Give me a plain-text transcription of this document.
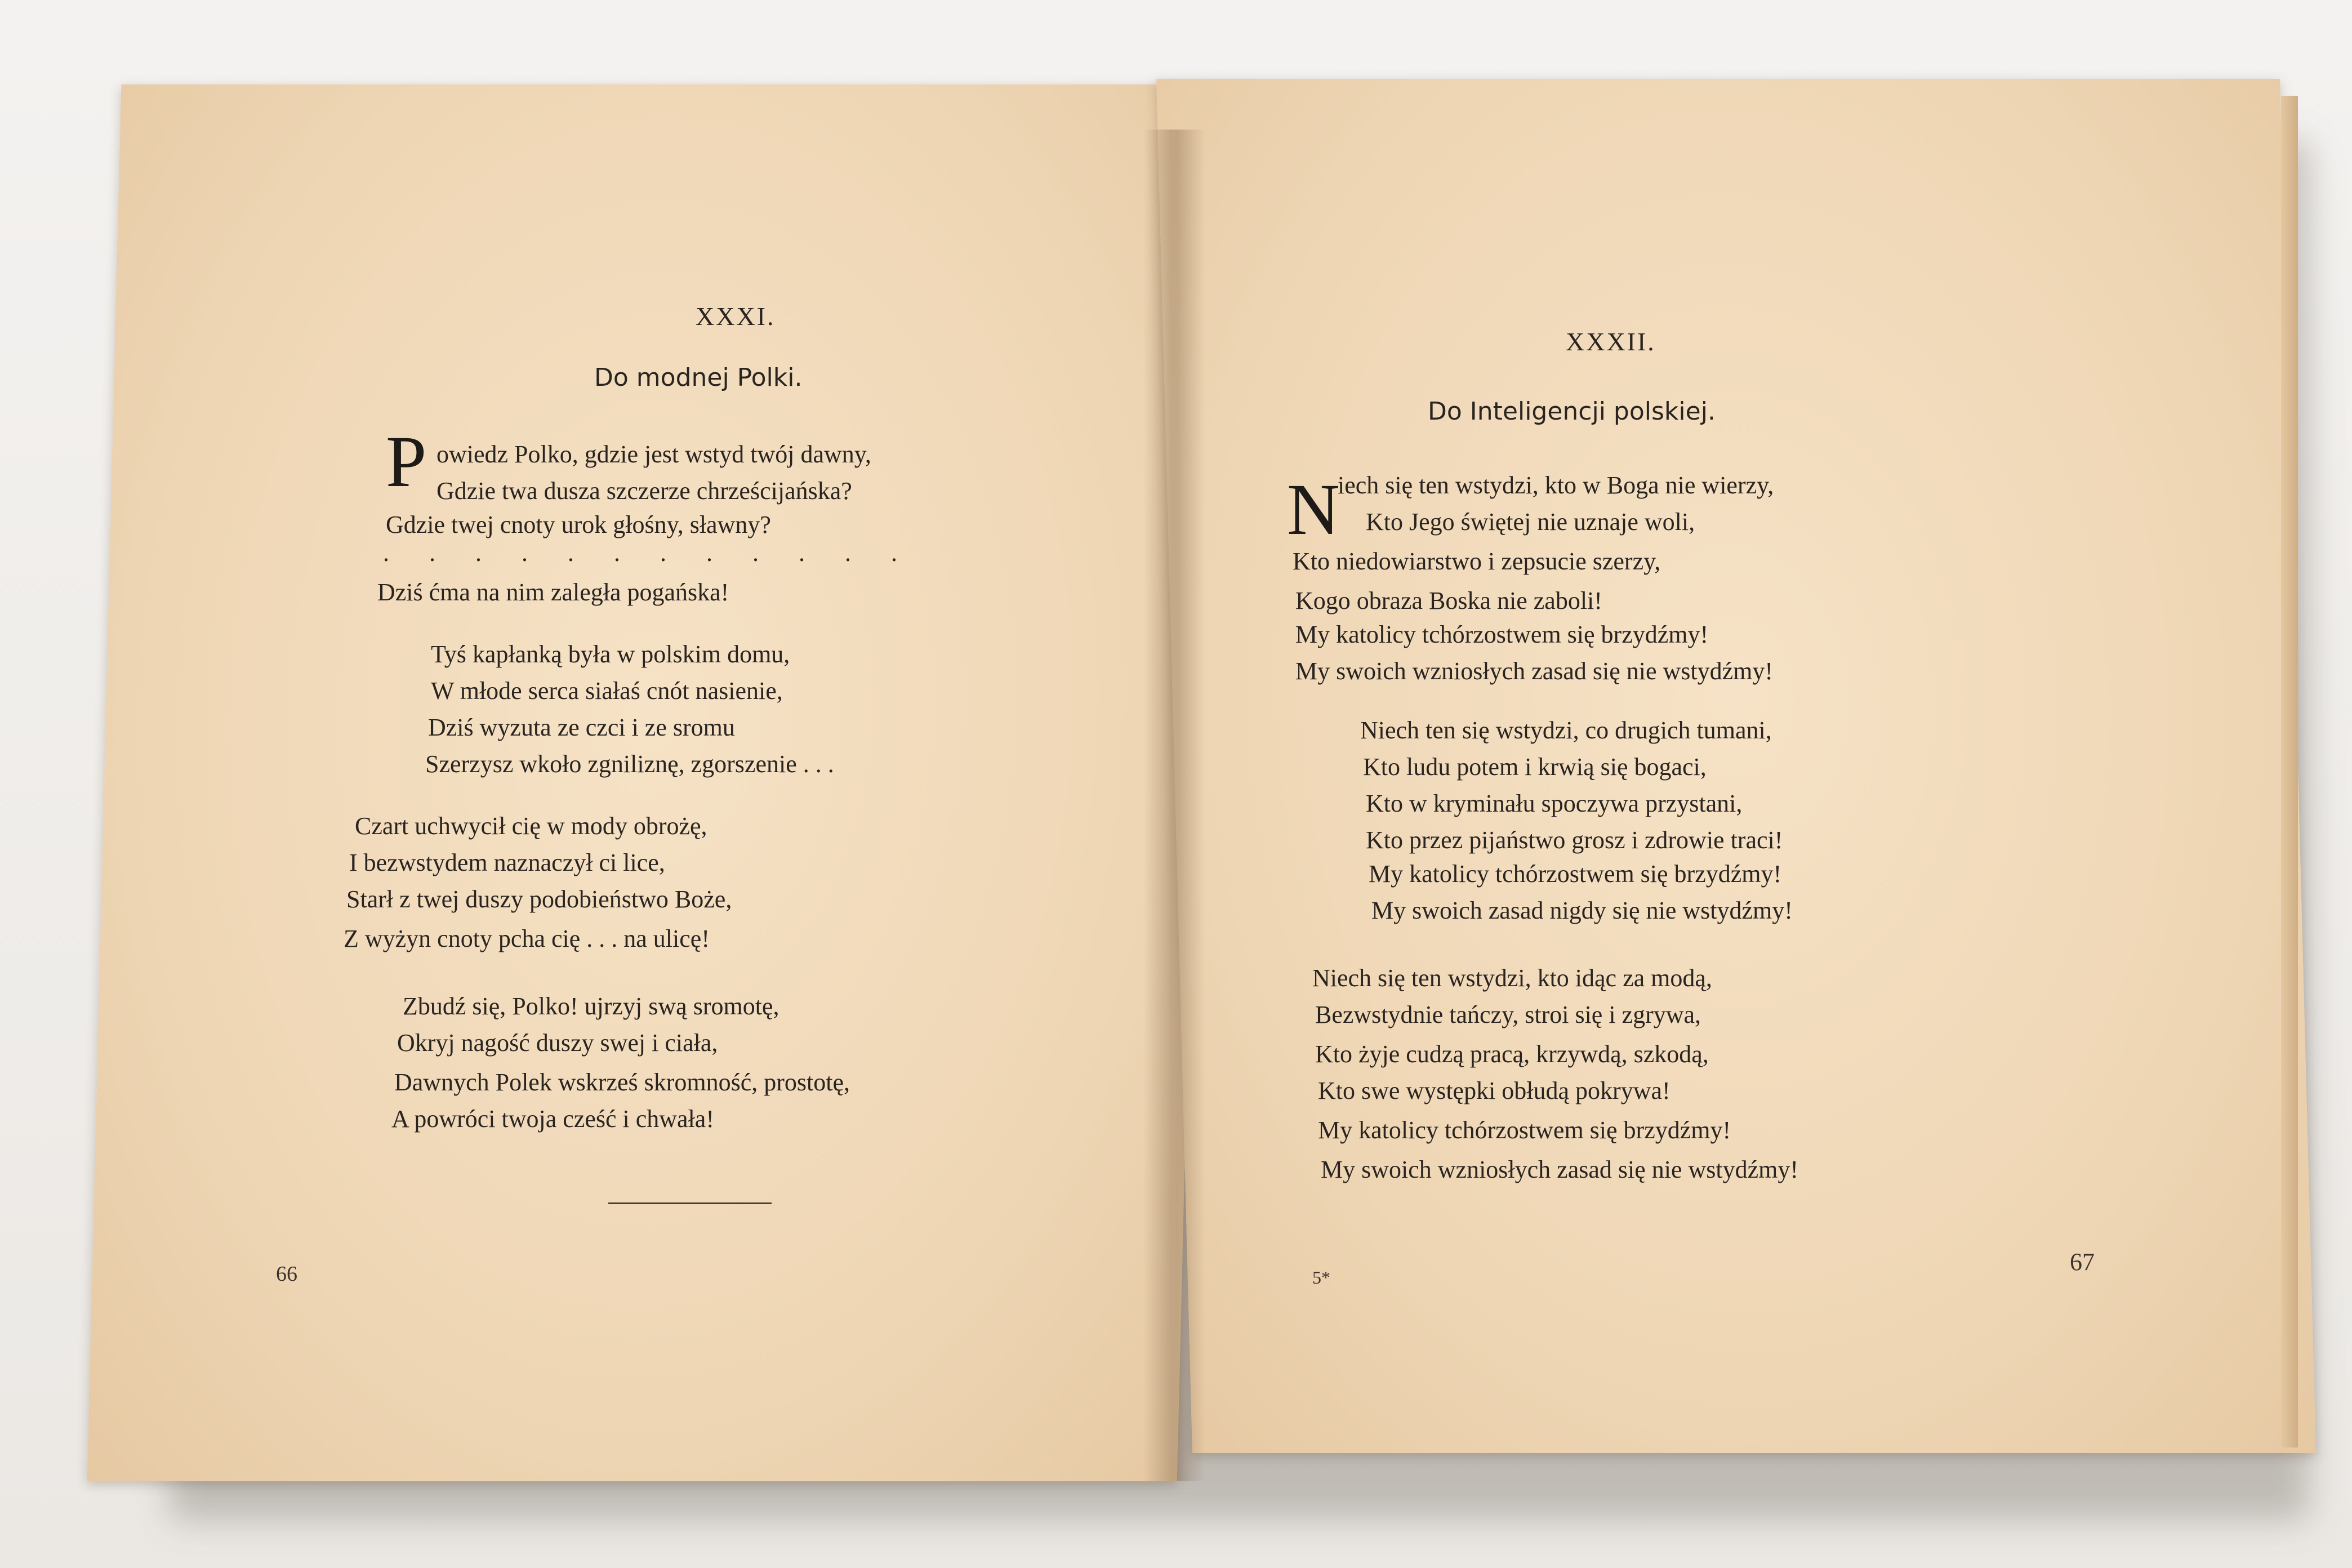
XXXI.
Do modnej Polki.
P owiedz Polko, gdzie jest wstyd twój dawny,
Gdzie twa dusza szczerze chrześcijańska?
Gdzie twej cnoty urok głośny, sławny?
. . . . . . . . . . . .
Dziś ćma na nim zaległa pogańska!
Tyś kapłanką była w polskim domu,
W młode serca siałaś cnót nasienie,
Dziś wyzuta ze czci i ze sromu
Szerzysz wkoło zgniliznę, zgorszenie . . .
Czart uchwycił cię w mody obrożę,
I bezwstydem naznaczył ci lice,
Starł z twej duszy podobieństwo Boże,
Z wyżyn cnoty pcha cię . . . na ulicę!
Zbudź się, Polko! ujrzyj swą sromotę,
Okryj nagość duszy swej i ciała,
Dawnych Polek wskrześ skromność, prostotę,
A powróci twoja cześć i chwała!
66
XXXII.
Do Inteligencji polskiej.
N
iech się ten wstydzi, kto w Boga nie wierzy,
Kto Jego świętej nie uznaje woli,
Kto niedowiarstwo i zepsucie szerzy,
Kogo obraza Boska nie zaboli!
My katolicy tchórzostwem się brzydźmy!
My swoich wzniosłych zasad się nie wstydźmy!
Niech ten się wstydzi, co drugich tumani,
Kto ludu potem i krwią się bogaci,
Kto w kryminału spoczywa przystani,
Kto przez pijaństwo grosz i zdrowie traci!
My katolicy tchórzostwem się brzydźmy!
My swoich zasad nigdy się nie wstydźmy!
Niech się ten wstydzi, kto idąc za modą,
Bezwstydnie tańczy, stroi się i zgrywa,
Kto żyje cudzą pracą, krzywdą, szkodą,
Kto swe występki obłudą pokrywa!
My katolicy tchórzostwem się brzydźmy!
My swoich wzniosłych zasad się nie wstydźmy!
5*
67
